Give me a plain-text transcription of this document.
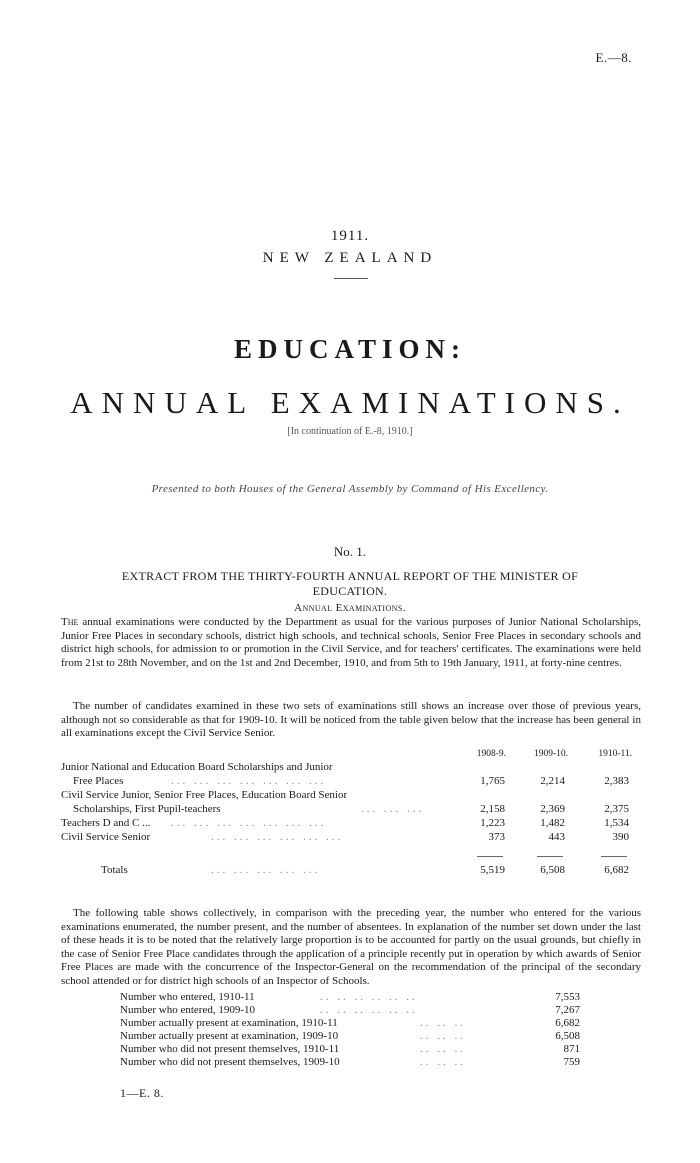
E.—8.
1911.
NEW ZEALAND
EDUCATION:
ANNUAL EXAMINATIONS.
[In continuation of E.-8, 1910.]
Presented to both Houses of the General Assembly by Command of His Excellency.
No. 1.
EXTRACT FROM THE THIRTY-FOURTH ANNUAL REPORT OF THE MINISTER OF
EDUCATION.
Annual Examinations.
The annual examinations were conducted by the Department as usual for the various purposes of Junior National Scholarships, Junior Free Places in secondary schools, district high schools, and technical schools, Senior Free Places in secondary schools and district high schools, for admission to or promotion in the Civil Service, and for teachers' certificates. The examinations were held from 21st to 28th November, and on the 1st and 2nd December, 1910, and from 5th to 19th January, 1911, at forty-nine centres.
The number of candidates examined in these two sets of examinations still shows an increase over those of previous years, although not so considerable as that for 1909-10. It will be noticed from the table given below that the increase has been general in all examinations except the Civil Service Senior.
1908-9.	1909-10.	1910-11.
Junior National and Education Board Scholarships and Junior
Free Places	... ... ... ... ... ... ...	1,765	2,214	2,383
Civil Service Junior, Senior Free Places, Education Board Senior
Scholarships, First Pupil-teachers	... ... ...	2,158	2,369	2,375
Teachers D and C ... ... ... ... ... ... ... ...	1,223	1,482	1,534
Civil Service Senior	... ... ... ... ... ...	373	443	390
Totals	... ... ... ... ...	5,519	6,508	6,682
The following table shows collectively, in comparison with the preceding year, the number who entered for the various examinations enumerated, the number present, and the number of absentees. In explanation of the number set down under the last of these heads it is to be noted that the relatively large proportion is to be accounted for partly on the usual grounds, but chiefly in the case of Senior Free Place candidates through the application of a principle recently put in operation by which awards of Senior Free Places are made with the concurrence of the Inspector-General on the recommendation of the principal of the secondary school attended or for district high schools of an Inspector of Schools.
Number who entered, 1910-11	.. .. .. .. .. ..	7,553
Number who entered, 1909-10	.. .. .. .. .. ..	7,267
Number actually present at examination, 1910-11	.. .. ..	6,682
Number actually present at examination, 1909-10	.. .. ..	6,508
Number who did not present themselves, 1910-11	.. .. ..	871
Number who did not present themselves, 1909-10	.. .. ..	759
1—E. 8.
